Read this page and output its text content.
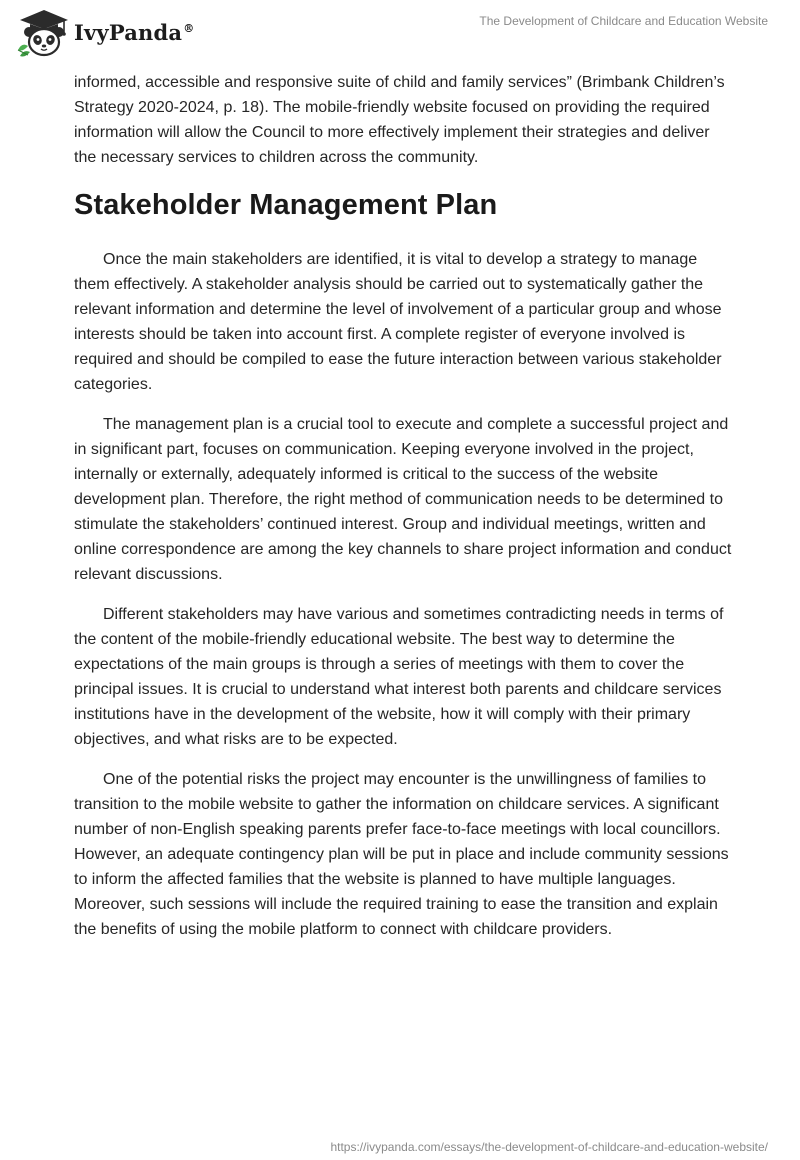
IvyPanda®	The Development of Childcare and Education Website

informed, accessible and responsive suite of child and family services” (Brimbank Children’s Strategy 2020-2024, p. 18). The mobile-friendly website focused on providing the required information will allow the Council to more effectively implement their strategies and deliver the necessary services to children across the community.

Stakeholder Management Plan

Once the main stakeholders are identified, it is vital to develop a strategy to manage them effectively. A stakeholder analysis should be carried out to systematically gather the relevant information and determine the level of involvement of a particular group and whose interests should be taken into account first. A complete register of everyone involved is required and should be compiled to ease the future interaction between various stakeholder categories.

The management plan is a crucial tool to execute and complete a successful project and in significant part, focuses on communication. Keeping everyone involved in the project, internally or externally, adequately informed is critical to the success of the website development plan. Therefore, the right method of communication needs to be determined to stimulate the stakeholders’ continued interest. Group and individual meetings, written and online correspondence are among the key channels to share project information and conduct relevant discussions.

Different stakeholders may have various and sometimes contradicting needs in terms of the content of the mobile-friendly educational website. The best way to determine the expectations of the main groups is through a series of meetings with them to cover the principal issues. It is crucial to understand what interest both parents and childcare services institutions have in the development of the website, how it will comply with their primary objectives, and what risks are to be expected.

One of the potential risks the project may encounter is the unwillingness of families to transition to the mobile website to gather the information on childcare services. A significant number of non-English speaking parents prefer face-to-face meetings with local councillors. However, an adequate contingency plan will be put in place and include community sessions to inform the affected families that the website is planned to have multiple languages. Moreover, such sessions will include the required training to ease the transition and explain the benefits of using the mobile platform to connect with childcare providers.

https://ivypanda.com/essays/the-development-of-childcare-and-education-website/
